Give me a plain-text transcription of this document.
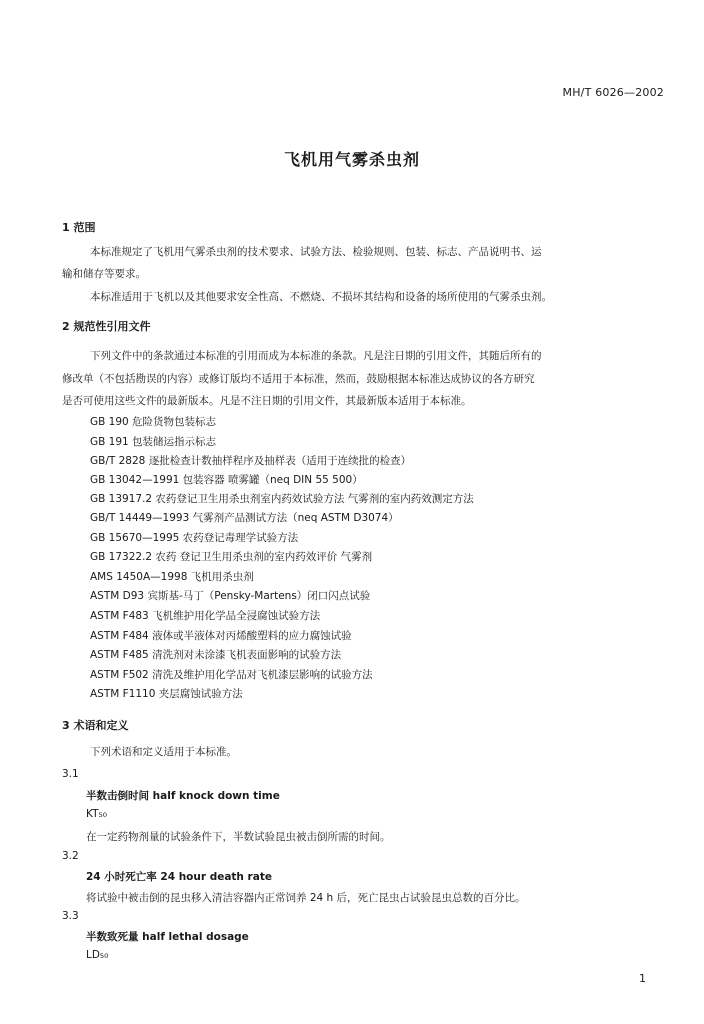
MH/T 6026—2002
飞机用气雾杀虫剂
1 范围
本标准规定了飞机用气雾杀虫剂的技术要求、试验方法、检验规则、包装、标志、产品说明书、运
输和储存等要求。
本标准适用于飞机以及其他要求安全性高、不燃烧、不损坏其结构和设备的场所使用的气雾杀虫剂。
2 规范性引用文件
下列文件中的条款通过本标准的引用而成为本标准的条款。凡是注日期的引用文件，其随后所有的
修改单（不包括勘误的内容）或修订版均不适用于本标准，然而，鼓励根据本标准达成协议的各方研究
是否可使用这些文件的最新版本。凡是不注日期的引用文件，其最新版本适用于本标准。
GB 190 危险货物包装标志
GB 191 包装储运指示标志
GB/T 2828 逐批检查计数抽样程序及抽样表（适用于连续批的检查）
GB 13042—1991 包装容器 喷雾罐（neq DIN 55 500）
GB 13917.2 农药登记卫生用杀虫剂室内药效试验方法 气雾剂的室内药效测定方法
GB/T 14449—1993 气雾剂产品测试方法（neq ASTM D3074）
GB 15670—1995 农药登记毒理学试验方法
GB 17322.2 农药 登记卫生用杀虫剂的室内药效评价 气雾剂
AMS 1450A—1998 飞机用杀虫剂
ASTM D93 宾斯基-马丁（Pensky-Martens）闭口闪点试验
ASTM F483 飞机维护用化学品全浸腐蚀试验方法
ASTM F484 液体或半液体对丙烯酸塑料的应力腐蚀试验
ASTM F485 清洗剂对未涂漆飞机表面影响的试验方法
ASTM F502 清洗及维护用化学品对飞机漆层影响的试验方法
ASTM F1110 夹层腐蚀试验方法
3 术语和定义
下列术语和定义适用于本标准。
3.1
半数击倒时间 half knock down time
KT₅₀
在一定药物剂量的试验条件下，半数试验昆虫被击倒所需的时间。
3.2
24 小时死亡率 24 hour death rate
将试验中被击倒的昆虫移入清洁容器内正常饲养 24 h 后，死亡昆虫占试验昆虫总数的百分比。
3.3
半数致死量 half lethal dosage
LD₅₀
1
